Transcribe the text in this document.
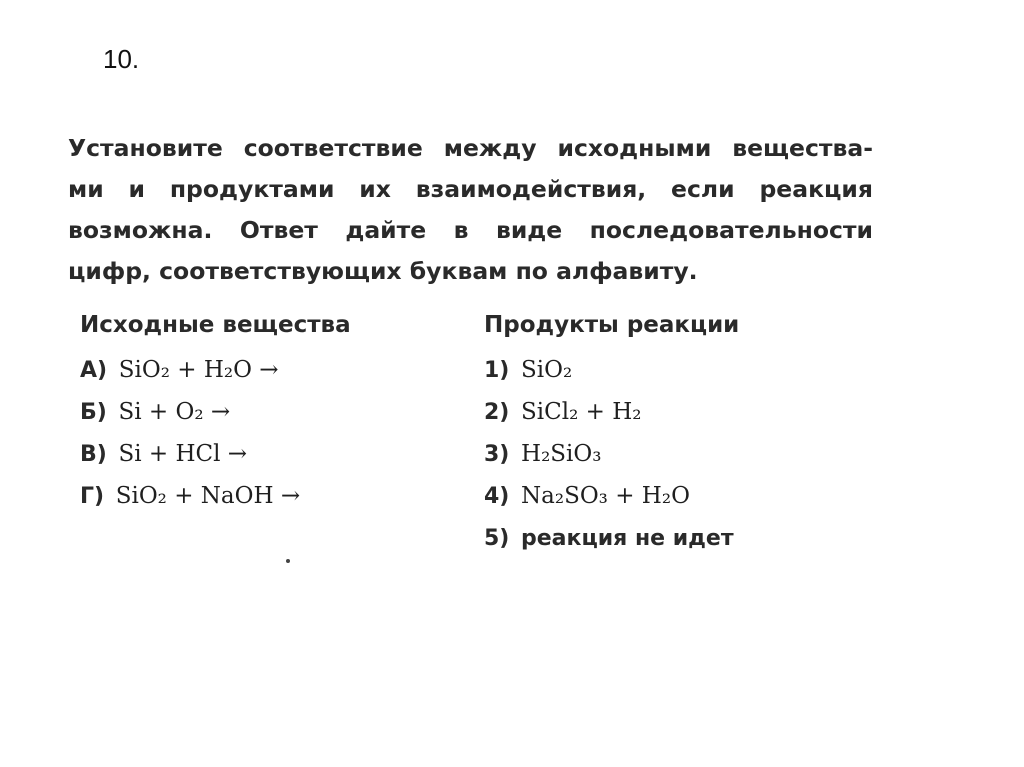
10.
Установите соответствие между исходными вещества-
ми и продуктами их взаимодействия, если реакция
возможна. Ответ дайте в виде последовательности
цифр, соответствующих буквам по алфавиту.
Исходные вещества
А) SiO₂ + H₂O →
Б) Si + O₂ →
В) Si + HCl →
Г) SiO₂ + NaOH →
Продукты реакции
1) SiO₂
2) SiCl₂ + H₂
3) H₂SiO₃
4) Na₂SO₃ + H₂O
5) реакция не идет
